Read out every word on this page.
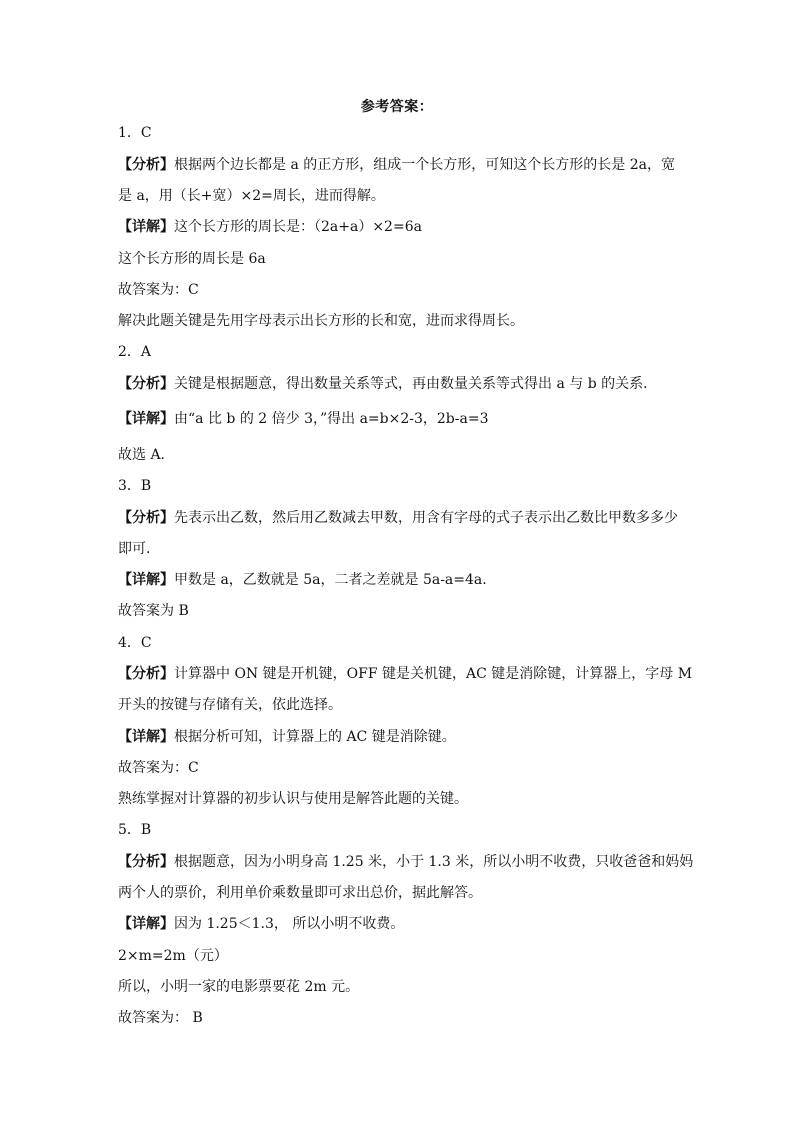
参考答案：
1．C
【分析】根据两个边长都是 a 的正方形，组成一个长方形，可知这个长方形的长是 2a，宽
是 a，用（长+宽）×2=周长，进而得解。
【详解】这个长方形的周长是：（2a+a）×2=6a
这个长方形的周长是 6a
故答案为：C
解决此题关键是先用字母表示出长方形的长和宽，进而求得周长。
2．A
【分析】关键是根据题意，得出数量关系等式，再由数量关系等式得出 a 与 b 的关系．
【详解】由“a 比 b 的 2 倍少 3，”得出 a=b×2-3，2b-a=3
故选 A．
3．B
【分析】先表示出乙数，然后用乙数减去甲数，用含有字母的式子表示出乙数比甲数多多少
即可.
【详解】甲数是 a，乙数就是 5a，二者之差就是 5a-a=4a.
故答案为 B
4．C
【分析】计算器中 ON 键是开机键，OFF 键是关机键，AC 键是消除键，计算器上，字母 M
开头的按键与存储有关，依此选择。
【详解】根据分析可知，计算器上的 AC 键是消除键。
故答案为：C
熟练掌握对计算器的初步认识与使用是解答此题的关键。
5．B
【分析】根据题意，因为小明身高 1.25 米，小于 1.3 米，所以小明不收费，只收爸爸和妈妈
两个人的票价，利用单价乘数量即可求出总价，据此解答。
【详解】因为 1.25＜1.3， 所以小明不收费。
2×m=2m（元）
所以，小明一家的电影票要花 2m 元。
故答案为： B
